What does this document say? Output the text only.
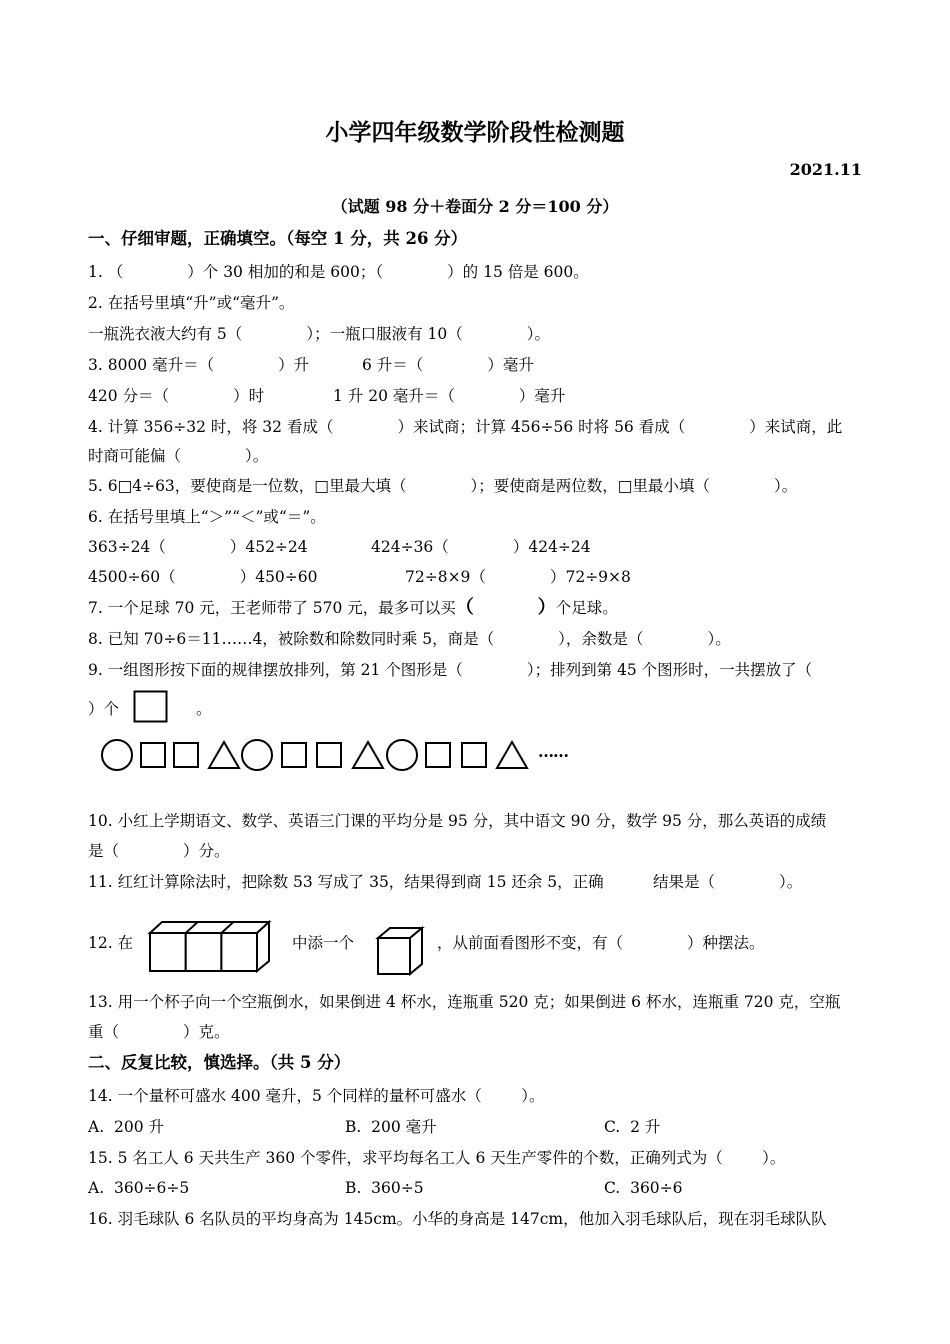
小学四年级数学阶段性检测题
2021.11
（试题 98 分＋卷面分 2 分＝100 分）
一、仔细审题，正确填空。（每空 1 分，共 26 分）
1. （             ）个 30 相加的和是 600；（             ）的 15 倍是 600。
2. 在括号里填“升”或“毫升”。
一瓶洗衣液大约有 5（             ）；一瓶口服液有 10（             ）。
3. 8000 毫升＝（             ）升	6 升＝（             ）毫升
420 分＝（             ）时	1 升 20 毫升＝（             ）毫升
4. 计算 356÷32 时，将 32 看成（             ）来试商；计算 456÷56 时将 56 看成（             ）来试商，此
时商可能偏（             ）。
5. 6□4÷63，要使商是一位数，□里最大填（             ）；要使商是两位数，□里最小填（             ）。
6. 在括号里填上“＞”“＜”或“＝”。
363÷24（             ）452÷24	424÷36（             ）424÷24
4500÷60（             ）450÷60	72÷8×9（             ）72÷9×8
7. 一个足球 70 元，王老师带了 570 元，最多可以买（	）个足球。
8. 已知 70÷6＝11……4，被除数和除数同时乘 5，商是（             ），余数是（             ）。
9. 一组图形按下面的规律摆放排列，第 21 个图形是（             ）；排列到第 45 个图形时，一共摆放了（
）个	。
……
10. 小红上学期语文、数学、英语三门课的平均分是 95 分，其中语文 90 分，数学 95 分，那么英语的成绩
是（             ）分。
11. 红红计算除法时，把除数 53 写成了 35，结果得到商 15 还余 5，正确          结果是（             ）。
12. 在	中添一个	，从前面看图形不变，有（             ）种摆法。
13. 用一个杯子向一个空瓶倒水，如果倒进 4 杯水，连瓶重 520 克；如果倒进 6 杯水，连瓶重 720 克，空瓶
重（             ）克。
二、反复比较，慎选择。（共 5 分）
14. 一个量杯可盛水 400 毫升，5 个同样的量杯可盛水（        ）。
A.  200 升	B.  200 毫升	C.  2 升
15. 5 名工人 6 天共生产 360 个零件，求平均每名工人 6 天生产零件的个数，正确列式为（        ）。
A.  360÷6÷5	B.  360÷5	C.  360÷6
16. 羽毛球队 6 名队员的平均身高为 145cm。小华的身高是 147cm，他加入羽毛球队后，现在羽毛球队队
